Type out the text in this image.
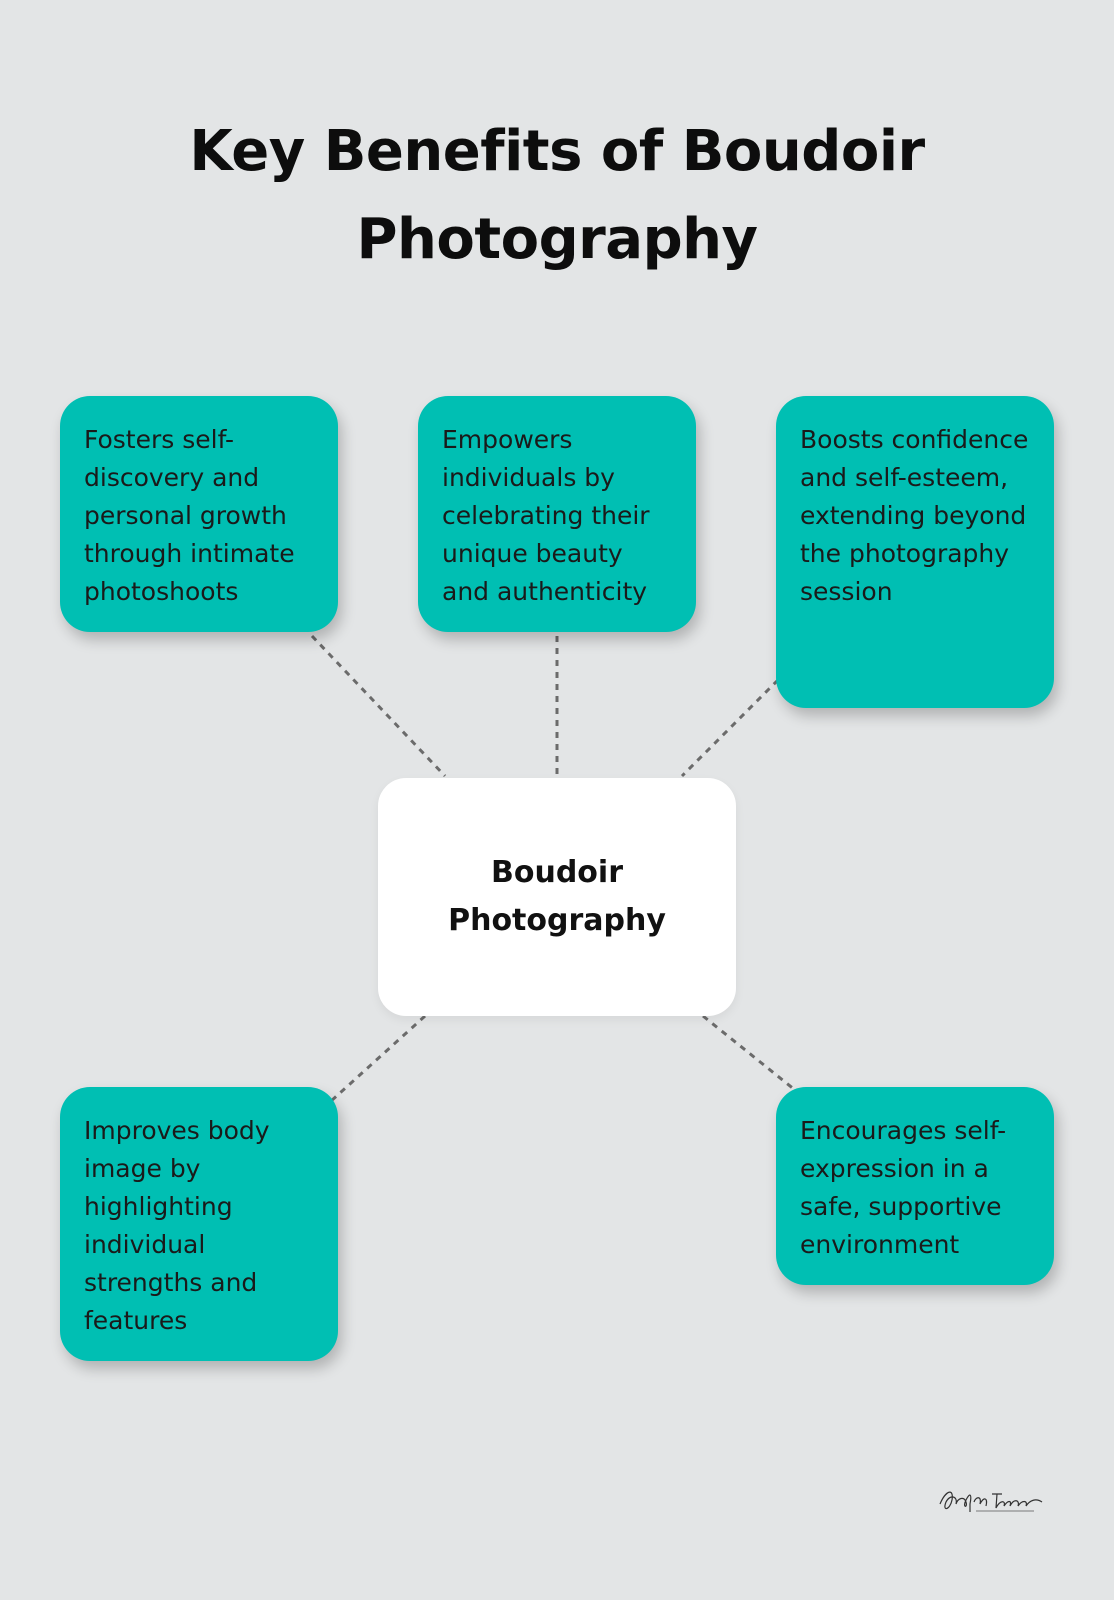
Key Benefits of Boudoir Photography
Fosters self-discovery and personal growth through intimate photoshoots
Empowers individuals by celebrating their unique beauty and authenticity
Boosts confidence and self-esteem, extending beyond the photography session
Boudoir Photography
Improves body image by highlighting individual strengths and features
Encourages self-expression in a safe, supportive environment
